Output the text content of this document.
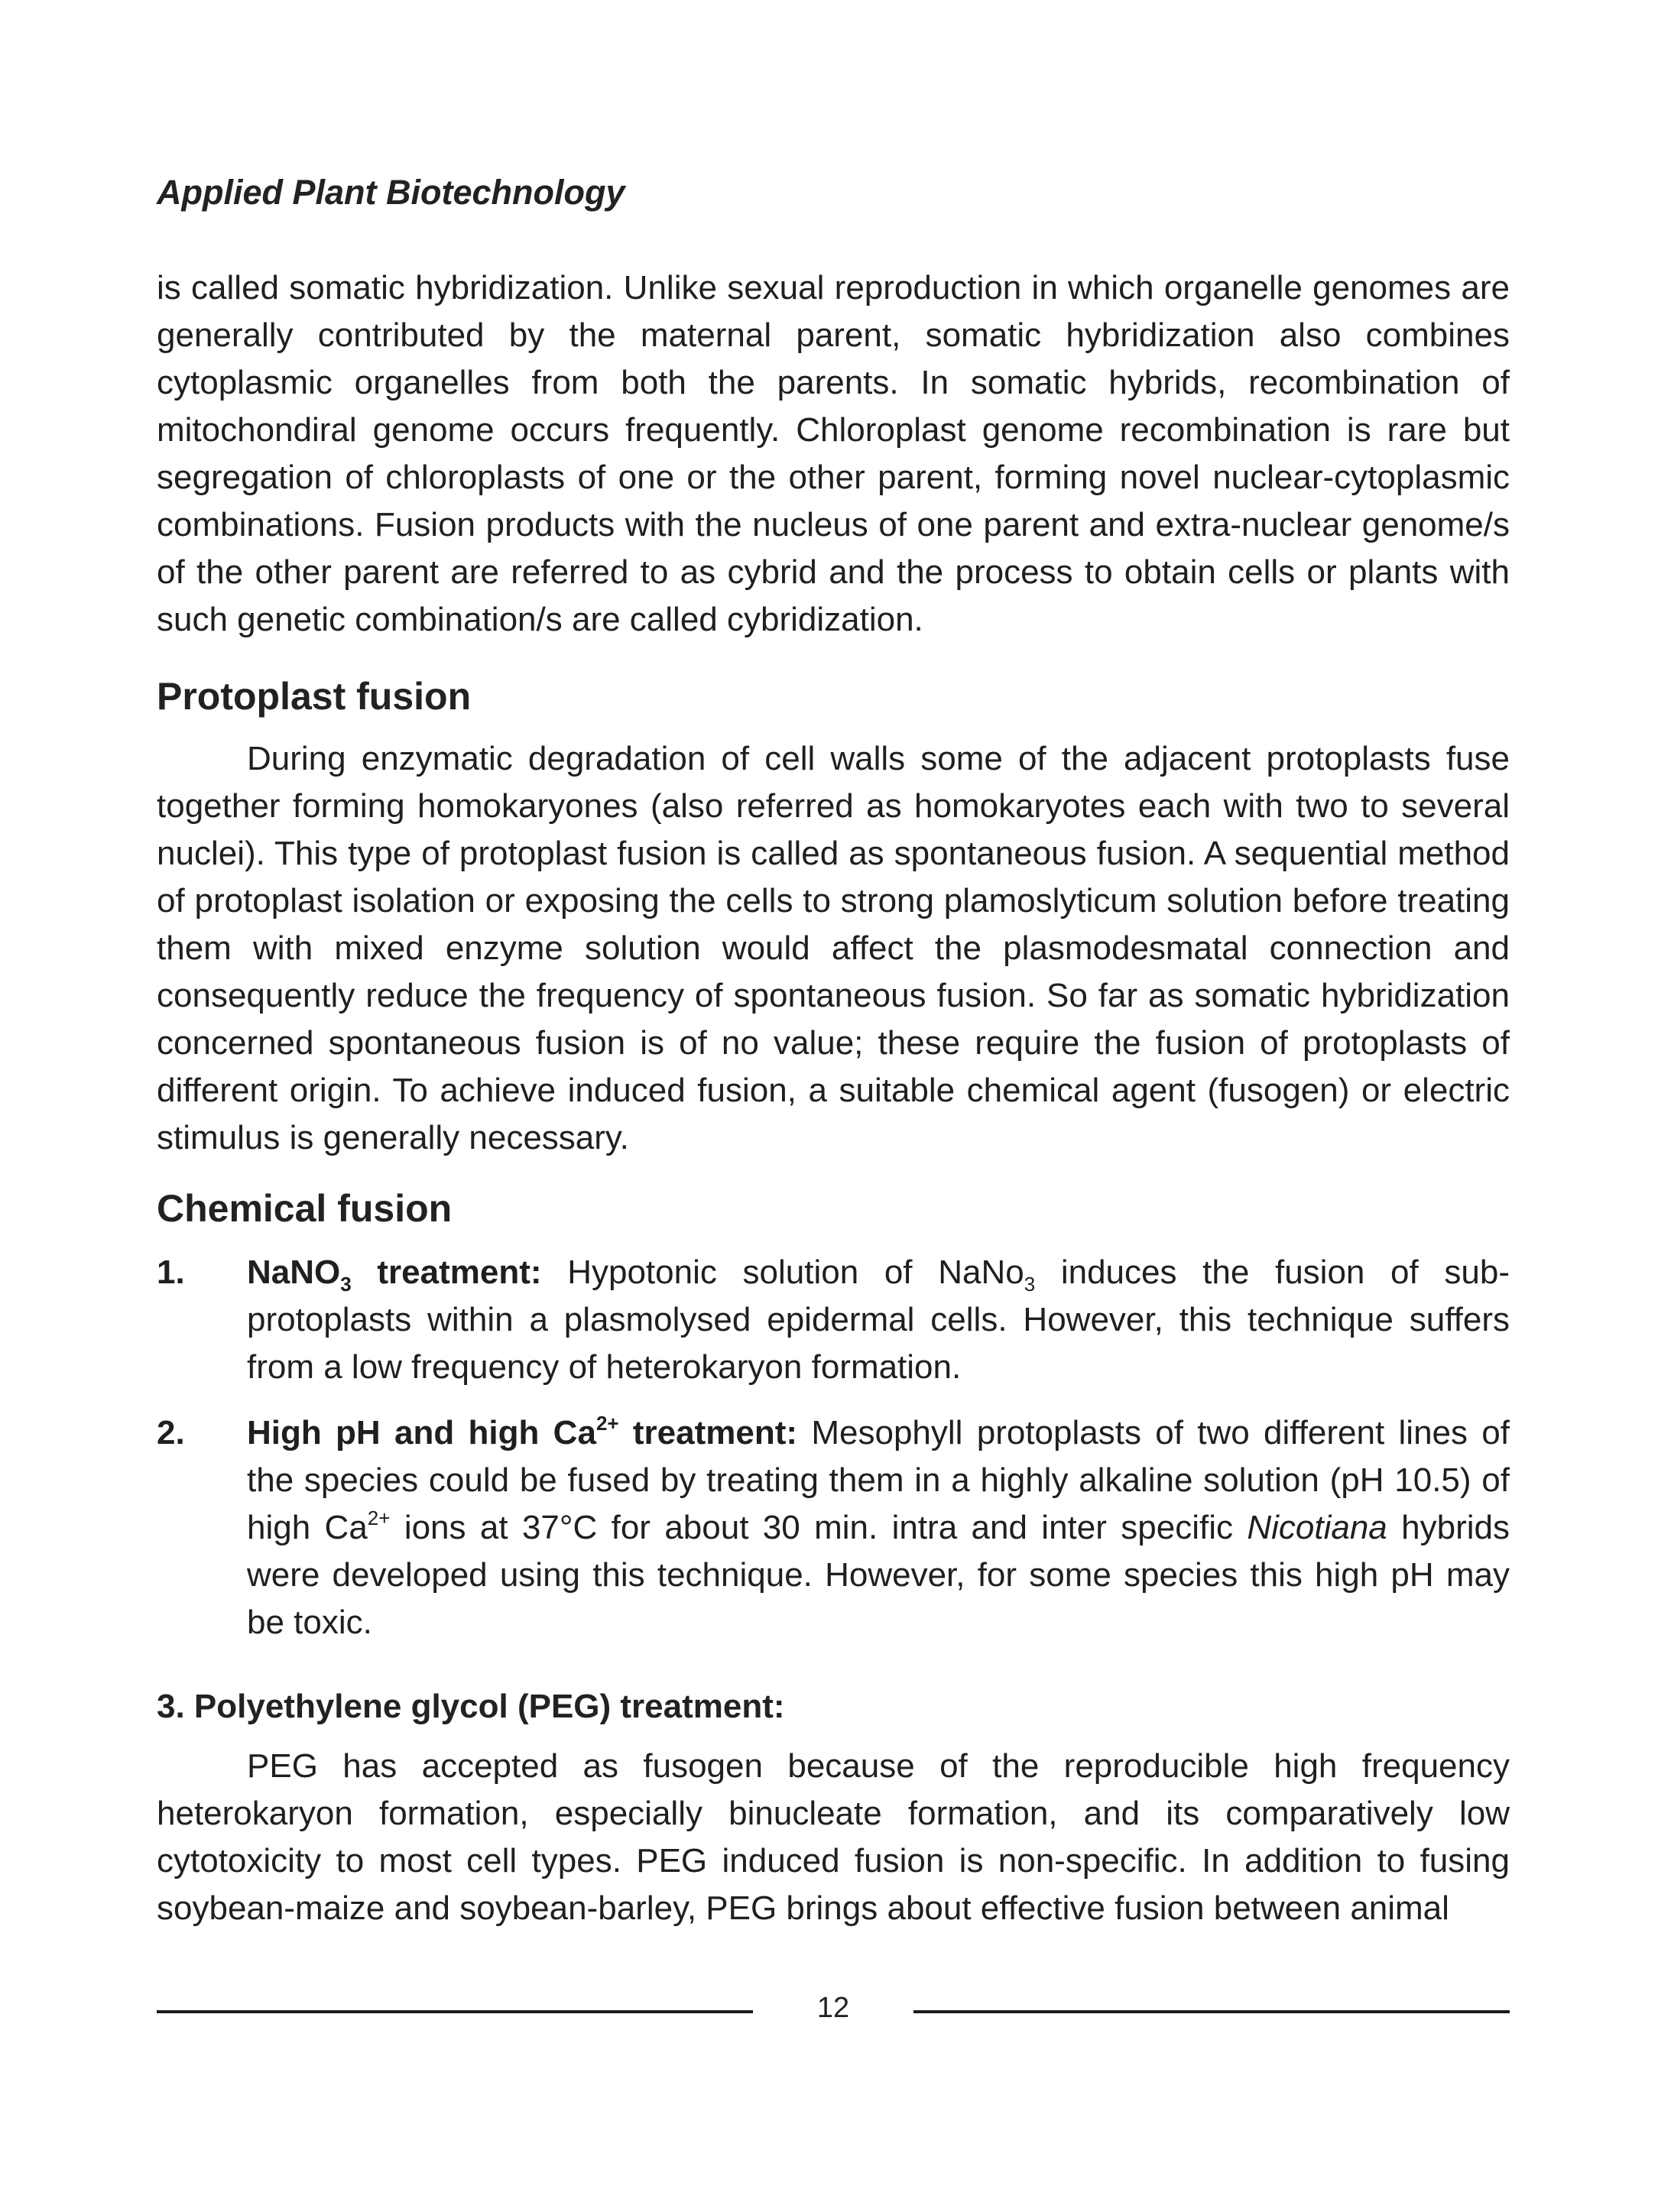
Applied Plant Biotechnology

is called somatic hybridization. Unlike sexual reproduction in which organelle genomes are generally contributed by the maternal parent, somatic hybridization also combines cytoplasmic organelles from both the parents. In somatic hybrids, recombination of mitochondiral genome occurs frequently. Chloroplast genome recombination is rare but segregation of chloroplasts of one or the other parent, forming novel nuclear-cytoplasmic combinations. Fusion products with the nucleus of one parent and extra-nuclear genome/s of the other parent are referred to as cybrid and the process to obtain cells or plants with such genetic combination/s are called cybridization.

Protoplast fusion

During enzymatic degradation of cell walls some of the adjacent protoplasts fuse together forming homokaryones (also referred as homokaryotes each with two to several nuclei). This type of protoplast fusion is called as spontaneous fusion. A sequential method of protoplast isolation or exposing the cells to strong plamoslyticum solution before treating them with mixed enzyme solution would affect the plasmodesmatal connection and consequently reduce the frequency of spontaneous fusion. So far as somatic hybridization concerned spontaneous fusion is of no value; these require the fusion of protoplasts of different origin. To achieve induced fusion, a suitable chemical agent (fusogen) or electric stimulus is generally necessary.

Chemical fusion
1. NaNO$_3$ treatment: Hypotonic solution of NaNo$_3$ induces the fusion of sub-protoplasts within a plasmolysed epidermal cells. However, this technique suffers from a low frequency of heterokaryon formation.
2. High pH and high $Ca^{2+}$ treatment: Mesophyll protoplasts of two different lines of the species could be fused by treating them in a highly alkaline solution (pH 10.5) of high $Ca^{2+}$ ions at 37°C for about 30 min. intra and inter specific Nicotiana hybrids were developed using this technique. However, for some species this high pH may be toxic.
3. Polyethylene glycol (PEG) treatment:

PEG has accepted as fusogen because of the reproducible high frequency heterokaryon formation, especially binucleate formation, and its comparatively low cytotoxicity to most cell types. PEG induced fusion is non-specific. In addition to fusing soybean-maize and soybean-barley, PEG brings about effective fusion between animal

12
